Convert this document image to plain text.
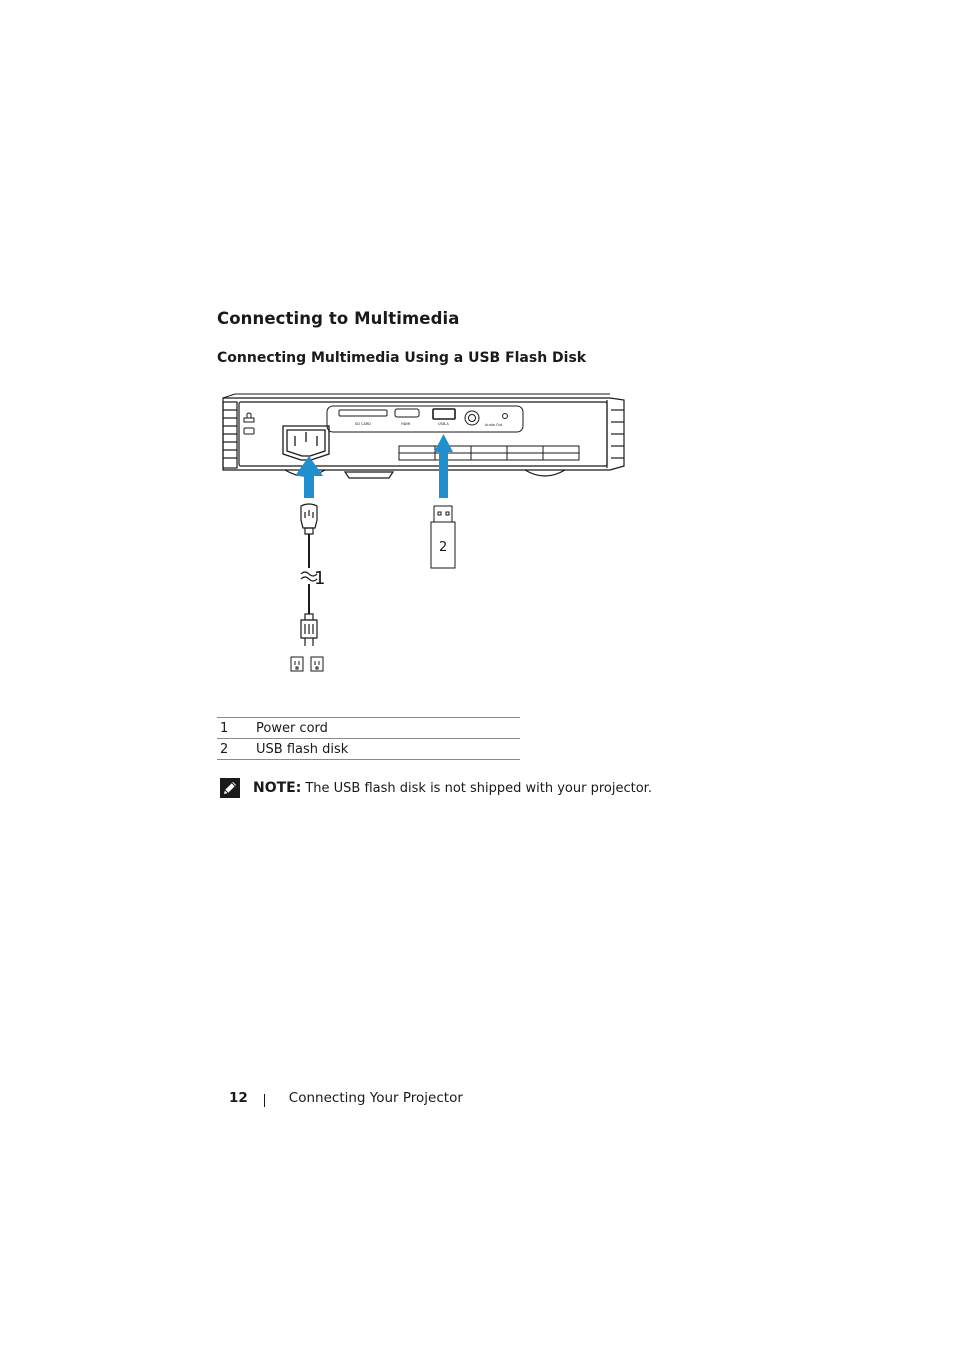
Connecting to Multimedia
Connecting Multimedia Using a USB Flash Disk
SD CARD	HDMI	USB-A	Audio Out
1
2
1	Power cord
2	USB flash disk
NOTE: The USB flash disk is not shipped with your projector.
12	Connecting Your Projector
